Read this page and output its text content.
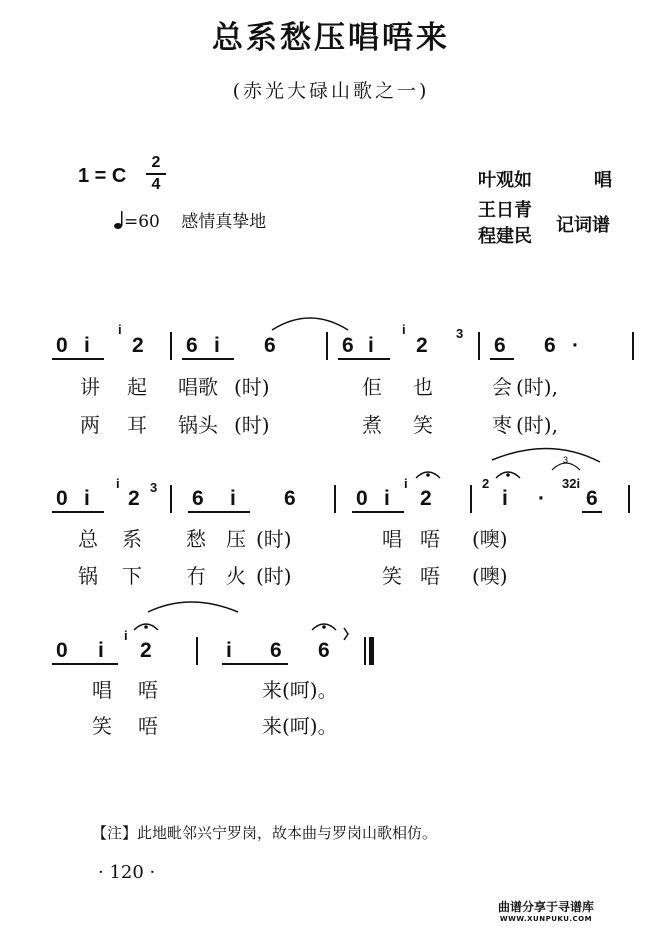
总系愁压唱唔来
(赤光大碌山歌之一)
1 = C
2
4
=60 感情真挚地
叶观如	唱
王日青
程建民
记词谱
3
0 i
i
2 6 i 6	6 i
i
2
3
6 6 ·
讲 起 唱歌 (时)	佢 也	会 (时),
两 耳 锅头 (时)	煮 笑	枣 (时),
0 i
i
2 3 6 i 6	0 i
i
2
2
i ·
32i
6
总 系 愁 压 (时)	唱 唔 (噢)
锅 下 冇 火 (时)	笑 唔 (噢)
0 i
i
2	i 6 6
唱 唔	来(呵)。
笑 唔	来(呵)。
【注】此地毗邻兴宁罗岗，故本曲与罗岗山歌相仿。
· 120 ·
曲谱分享于寻谱库
WWW.XUNPUKU.COM
